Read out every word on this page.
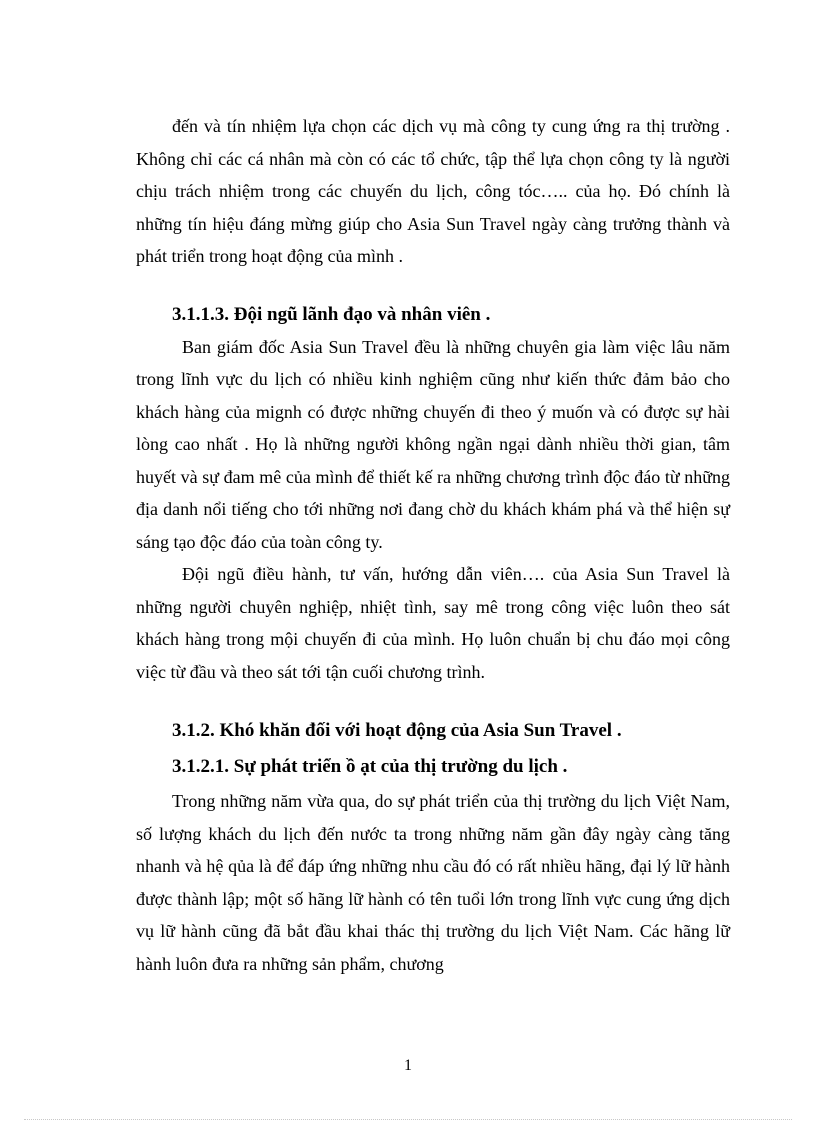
đến và tín nhiệm lựa chọn các dịch vụ mà công ty cung ứng ra thị trường . Không chỉ các cá nhân mà còn có các tổ chức, tập thể lựa chọn công ty là người chịu trách nhiệm trong các chuyến du lịch, công tóc….. của họ. Đó chính là những tín hiệu đáng mừng giúp cho Asia Sun Travel ngày càng trưởng thành và phát triển trong hoạt động của mình .

3.1.1.3. Đội ngũ lãnh đạo và nhân viên .

Ban giám đốc Asia Sun Travel đều là những chuyên gia làm việc lâu năm trong lĩnh vực du lịch có nhiều kinh nghiệm cũng như kiến thức đảm bảo cho khách hàng của mignh có được những chuyến đi theo ý muốn và có được sự hài lòng cao nhất . Họ là những người không ngần ngại dành nhiều thời gian, tâm huyết và sự đam mê của mình để thiết kế ra những chương trình độc đáo từ những địa danh nổi tiếng cho tới những nơi đang chờ du khách khám phá và thể hiện sự sáng tạo độc đáo của toàn công ty.

Đội ngũ điều hành, tư vấn, hướng dẫn viên…. của Asia Sun Travel là những người chuyên nghiệp, nhiệt tình, say mê trong công việc luôn theo sát khách hàng trong mội chuyến đi của mình. Họ luôn chuẩn bị chu đáo mọi công việc từ đầu và theo sát tới tận cuối chương trình.

3.1.2. Khó khăn đối với hoạt động của Asia Sun Travel .
3.1.2.1. Sự phát triển ồ ạt của thị trường du lịch .

Trong những năm vừa qua, do sự phát triển của thị trường du lịch Việt Nam, số lượng khách du lịch đến nước ta trong những năm gần đây ngày càng tăng nhanh và hệ qủa là để đáp ứng những nhu cầu đó có rất nhiều hãng, đại lý lữ hành được thành lập; một số hãng lữ hành có tên tuổi lớn trong lĩnh vực cung ứng dịch vụ lữ hành cũng đã bắt đầu khai thác thị trường du lịch Việt Nam. Các hãng lữ hành luôn đưa ra những sản phẩm, chương

1
